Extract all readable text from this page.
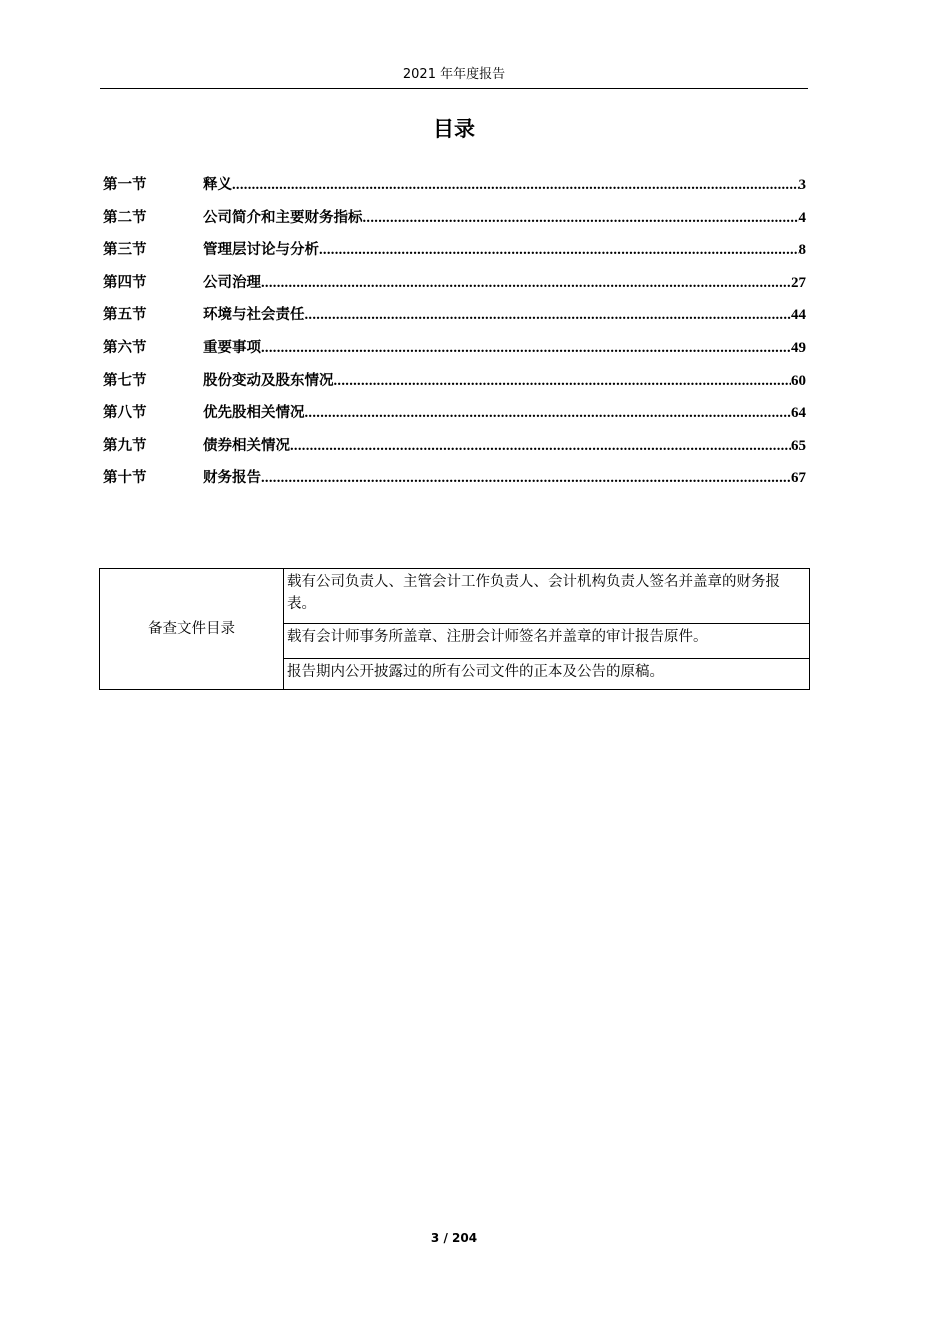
2021 年年度报告
目录
第一节	释义 .....	3
第二节	公司简介和主要财务指标 .....	4
第三节	管理层讨论与分析 .....	8
第四节	公司治理 .....	27
第五节	环境与社会责任 .....	44
第六节	重要事项 .....	49
第七节	股份变动及股东情况 .....	60
第八节	优先股相关情况 .....	64
第九节	债券相关情况 .....	65
第十节	财务报告 .....	67
备查文件目录	载有公司负责人、主管会计工作负责人、会计机构负责人签名并盖章的财务报表。
载有会计师事务所盖章、注册会计师签名并盖章的审计报告原件。
报告期内公开披露过的所有公司文件的正本及公告的原稿。
3 / 204
